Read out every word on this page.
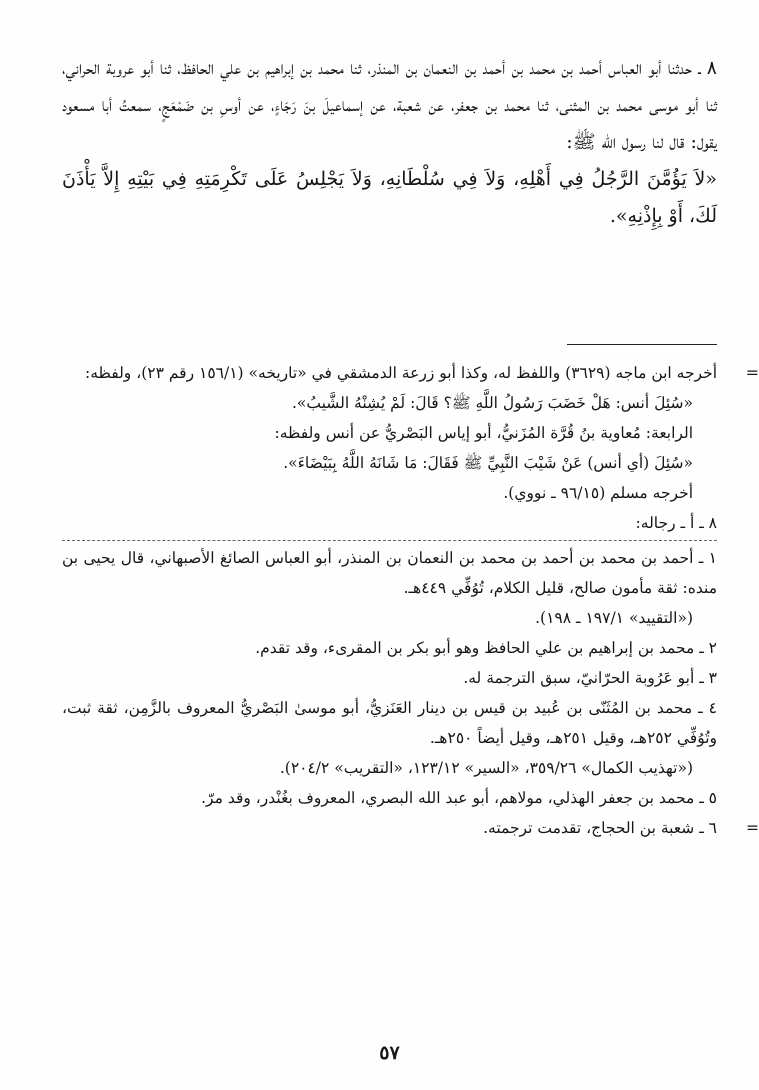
٨ ـ حدثنا أبو العباس أحمد بن محمد بن أحمد بن النعمان بن المنذر، ثنا محمد بن إبراهيم بن علي الحافظ، ثنا أبو عروبة الحراني، ثنا أبو موسى محمد بن المثنى، ثنا محمد بن جعفر، عن شعبة، عن إسماعيلَ بنَ رَجَاءٍ، عن أوسِ بن ضَمْعَجٍ، سمعتُ أبا مسعود يقول: قال لنا رسول الله ﷺ:

«لاَ يَؤُمَّنَ الرَّجُلُ فِي أَهْلِهِ، وَلاَ فِي سُلْطَانِهِ، وَلاَ يَجْلِسُ عَلَى تَكْرِمَتِهِ فِي بَيْتِهِ إِلاَّ يَأْذَنَ لَكَ، أَوْ بِإِذْنِهِ».

=

أخرجه ابن ماجه (٣٦٢٩) واللفظ له، وكذا أبو زرعة الدمشقي في «تاريخه» (١٥٦/١ رقم ٢٣)، ولفظه:

«سُئِلَ أنس: هَلْ خَضَبَ رَسُولُ اللَّهِ ﷺ؟ قَالَ: لَمْ يُشِنْهُ الشَّيبُ».

الرابعة: مُعاوية بنُ قُرَّة المُزَنيُّ، أبو إياس البَصْريُّ عن أنس ولفظه:

«سُئِلَ (أي أنس) عَنْ شَيْبَ النَّبِيِّ ﷺ فَقَالَ: مَا شَانَهُ اللَّهُ بِبَيْضَاءَ».

أخرجه مسلم (٩٦/١٥ ـ نووي).

٨ ـ أ ـ رجاله:

١ ـ أحمد بن محمد بن أحمد بن محمد بن النعمان بن المنذر، أبو العباس الصائغ الأصبهاني، قال يحيى بن منده: ثقة مأمون صالح، قليل الكلام، تُوُفِّي ٤٤٩هـ.

(«التقييد» ١٩٧/١ ـ ١٩٨).

٢ ـ محمد بن إبراهيم بن علي الحافظ وهو أبو بكر بن المقرىء، وقد تقدم.

٣ ـ أبو عَرُوبة الحرّانيّ، سبق الترجمة له.

٤ ـ محمد بن المُثَنّى بن عُبيد بن قيس بن دينار العَنَزيُّ، أبو موسىٰ البَصْريُّ المعروف بالزَّمِن، ثقة ثبت، وتُوُفِّي ٢٥٢هـ، وقيل ٢٥١هـ، وقيل أيضاً ٢٥٠هـ.

(«تهذيب الكمال» ٣٥٩/٢٦، «السير» ١٢٣/١٢، «التقريب» ٢٠٤/٢).

٥ ـ محمد بن جعفر الهذلي، مولاهم، أبو عبد الله البصري، المعروف بغُنْدر، وقد مرّ.

٦ ـ شعبة بن الحجاج، تقدمت ترجمته. =

٥٧
